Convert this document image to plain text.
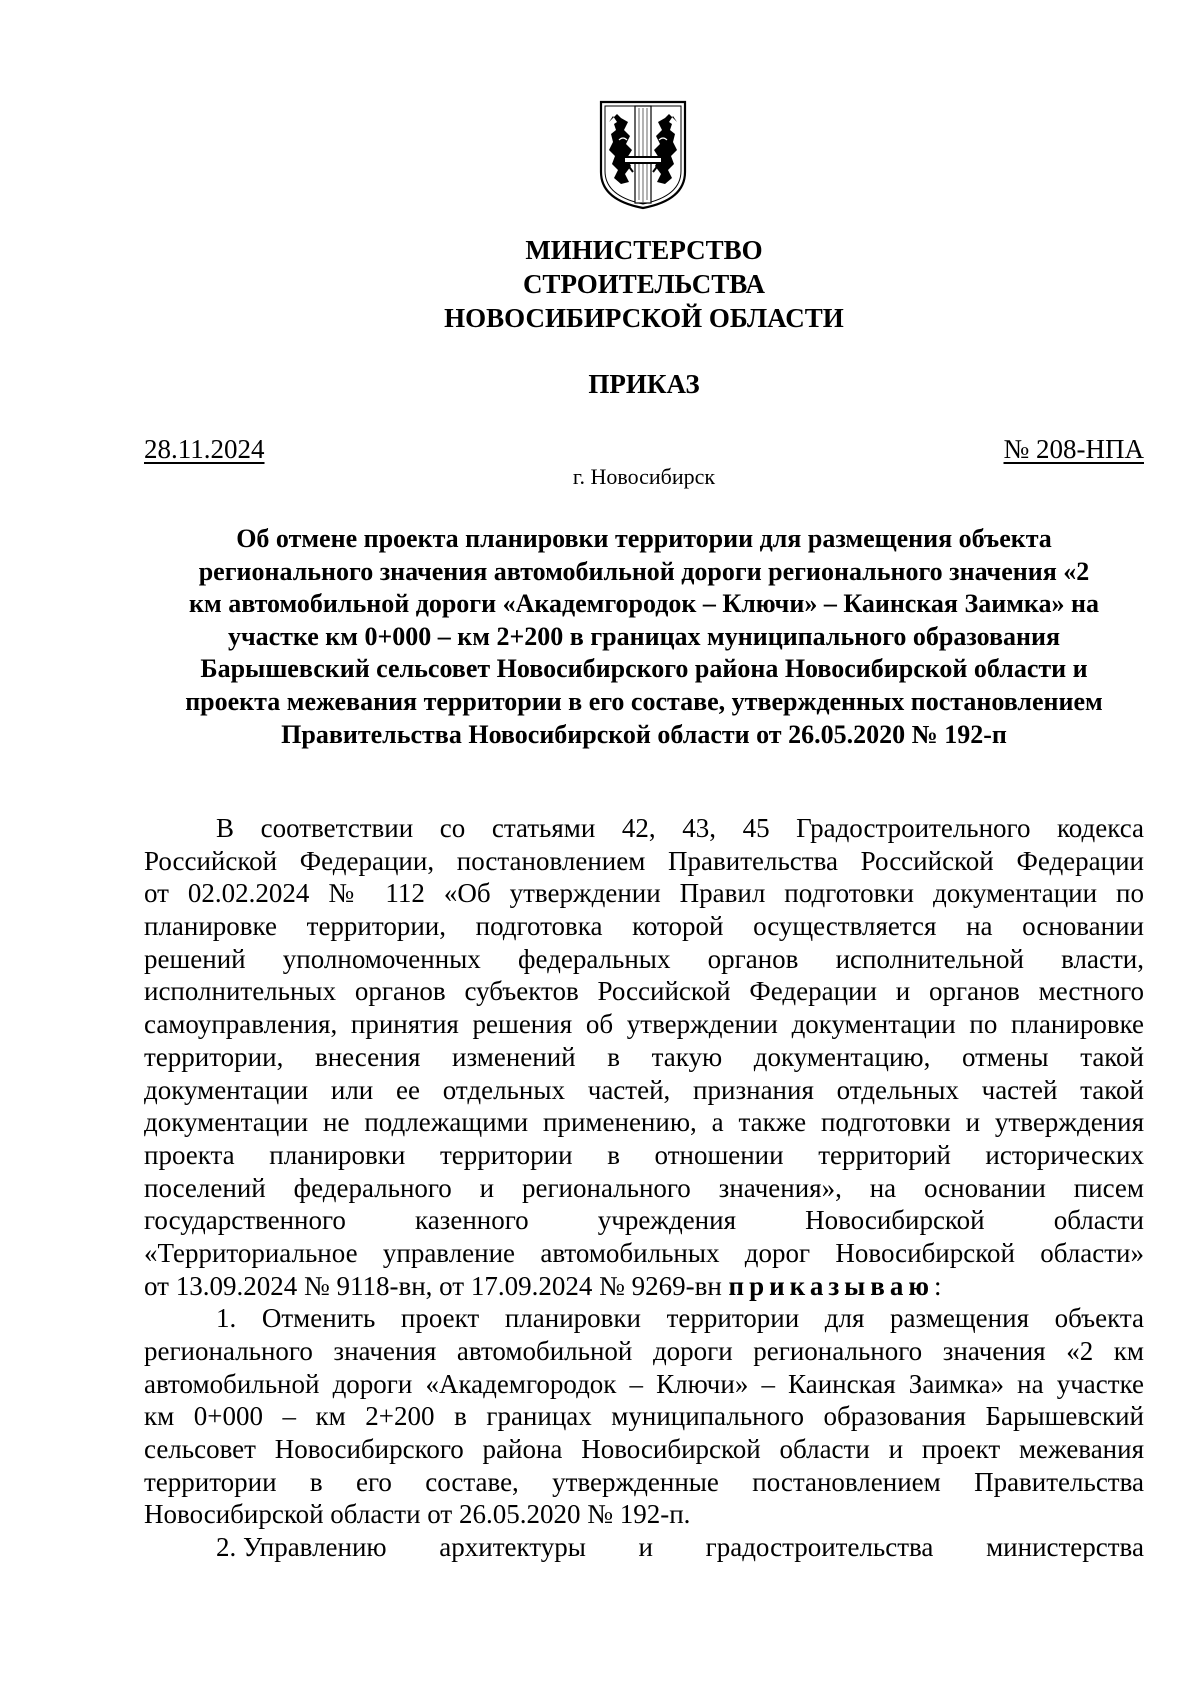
МИНИСТЕРСТВО
СТРОИТЕЛЬСТВА
НОВОСИБИРСКОЙ ОБЛАСТИ
ПРИКАЗ
28.11.2024	№ 208-НПА
г. Новосибирск
Об отмене проекта планировки территории для размещения объекта
регионального значения автомобильной дороги регионального значения «2
км автомобильной дороги «Академгородок – Ключи» – Каинская Заимка» на
участке км 0+000 – км 2+200 в границах муниципального образования
Барышевский сельсовет Новосибирского района Новосибирской области и
проекта межевания территории в его составе, утвержденных постановлением
Правительства Новосибирской области от 26.05.2020 № 192-п
В соответствии со статьями 42, 43, 45 Градостроительного кодекса
Российской Федерации, постановлением Правительства Российской Федерации
от 02.02.2024 № 112 «Об утверждении Правил подготовки документации по
планировке территории, подготовка которой осуществляется на основании
решений уполномоченных федеральных органов исполнительной власти,
исполнительных органов субъектов Российской Федерации и органов местного
самоуправления, принятия решения об утверждении документации по планировке
территории, внесения изменений в такую документацию, отмены такой
документации или ее отдельных частей, признания отдельных частей такой
документации не подлежащими применению, а также подготовки и утверждения
проекта планировки территории в отношении территорий исторических
поселений федерального и регионального значения», на основании писем
государственного казенного учреждения Новосибирской области
«Территориальное управление автомобильных дорог Новосибирской области»
от 13.09.2024 № 9118-вн, от 17.09.2024 № 9269-вн приказываю:
1. Отменить проект планировки территории для размещения объекта
регионального значения автомобильной дороги регионального значения «2 км
автомобильной дороги «Академгородок – Ключи» – Каинская Заимка» на участке
км 0+000 – км 2+200 в границах муниципального образования Барышевский
сельсовет Новосибирского района Новосибирской области и проект межевания
территории в его составе, утвержденные постановлением Правительства
Новосибирской области от 26.05.2020 № 192-п.
2. Управлению архитектуры и градостроительства министерства
